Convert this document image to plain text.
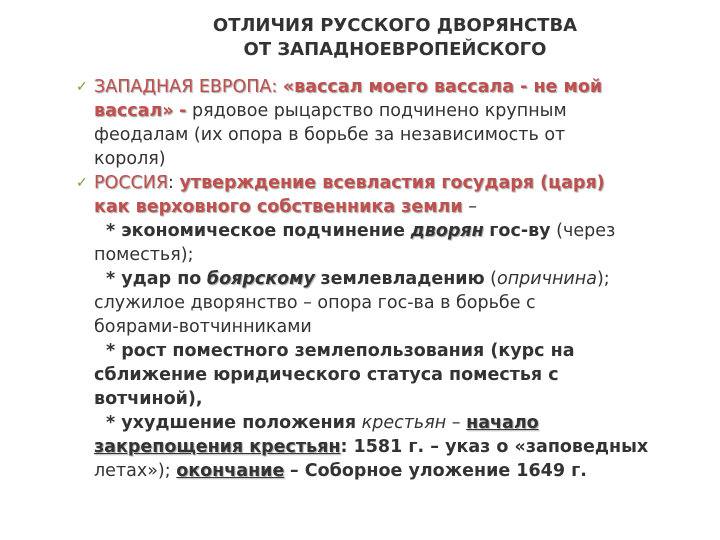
ОТЛИЧИЯ РУССКОГО ДВОРЯНСТВА
ОТ ЗАПАДНОЕВРОПЕЙСКОГО
✓ ЗАПАДНАЯ ЕВРОПА: «вассал моего вассала - не мой
вассал» - рядовое рыцарство подчинено крупным
феодалам (их опора в борьбе за независимость от
короля)
✓ РОССИЯ: утверждение всевластия государя (царя)
как верховного собственника земли –
* экономическое подчинение дворян гос-ву (через
поместья);
* удар по боярскому землевладению (опричнина);
служилое дворянство – опора гос-ва в борьбе с
боярами-вотчинниками
* рост поместного землепользования (курс на
сближение юридического статуса поместья с
вотчиной),
* ухудшение положения крестьян – начало
закрепощения крестьян: 1581 г. – указ о «заповедных
летах»); окончание – Соборное уложение 1649 г.
